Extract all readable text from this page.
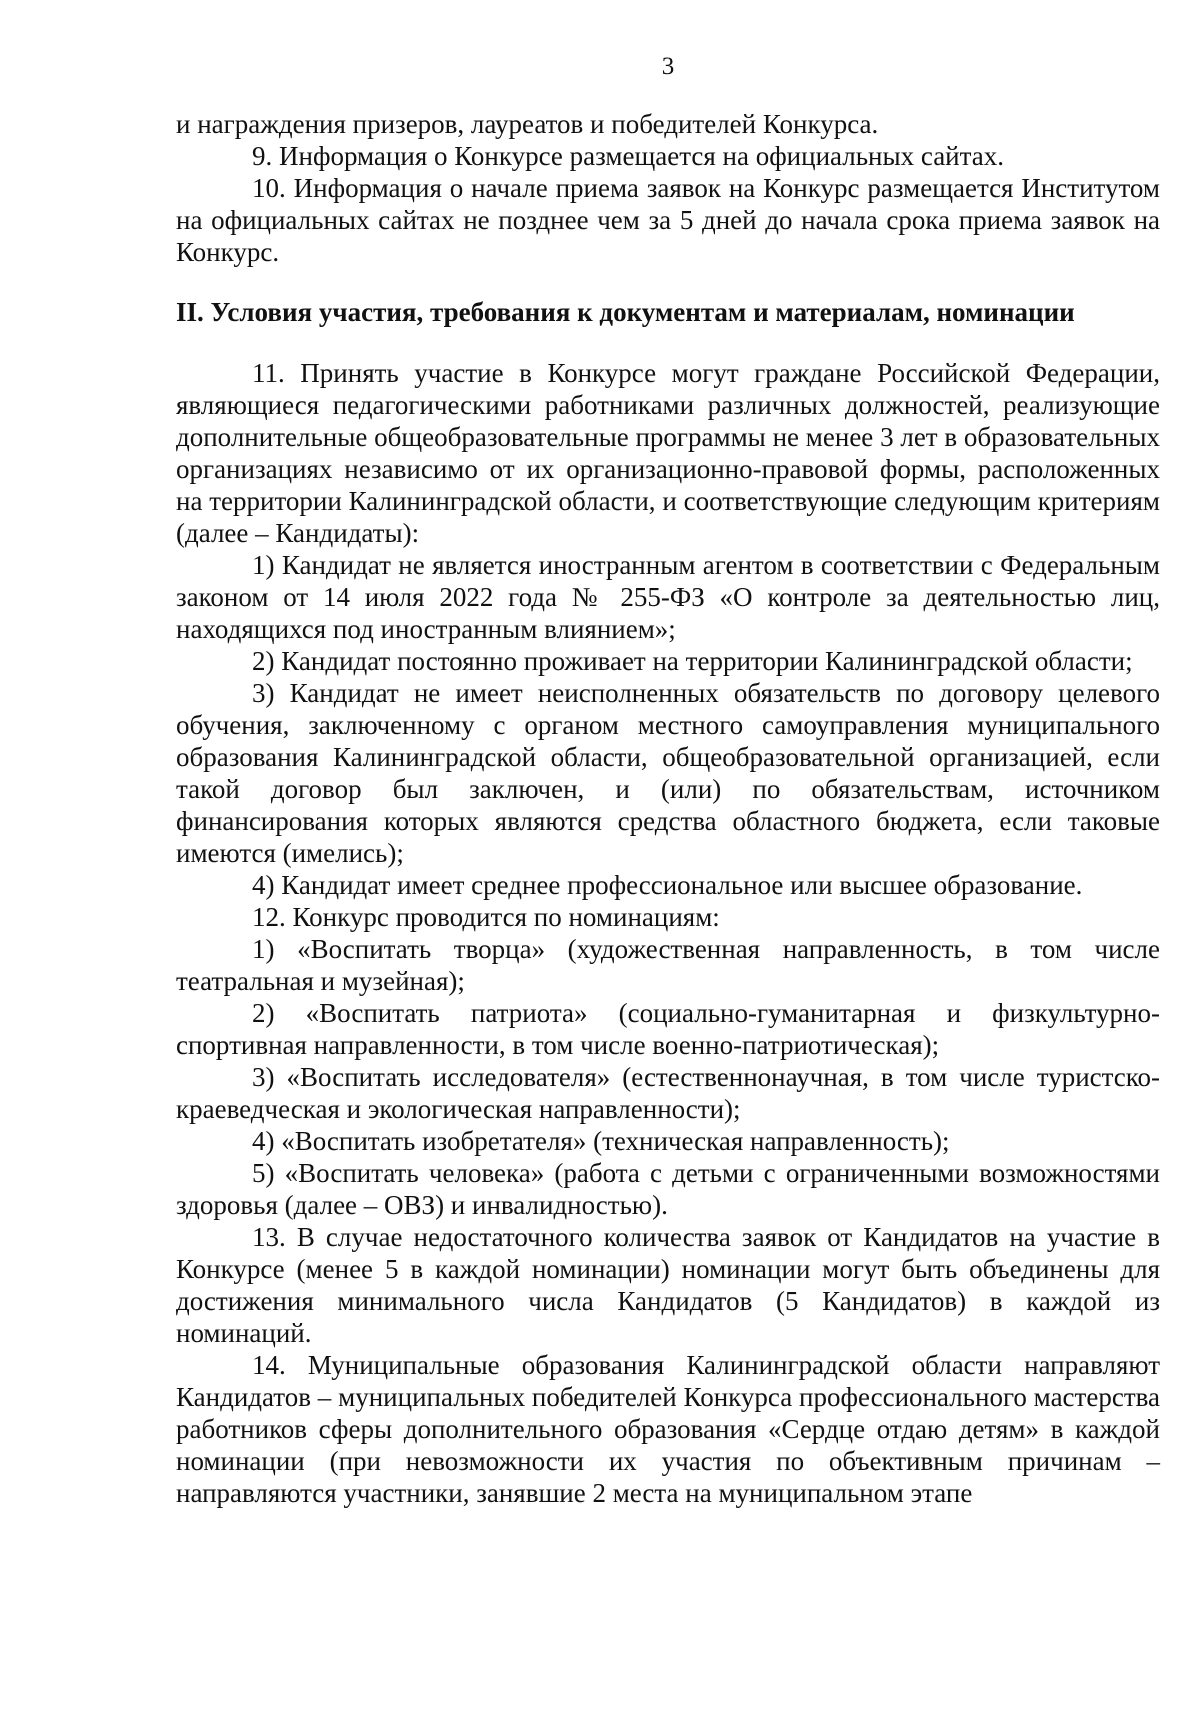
3

и награждения призеров, лауреатов и победителей Конкурса.

9. Информация о Конкурсе размещается на официальных сайтах.

10. Информация о начале приема заявок на Конкурс размещается Институтом на официальных сайтах не позднее чем за 5 дней до начала срока приема заявок на Конкурс.

II. Условия участия, требования к документам и материалам, номинации

11. Принять участие в Конкурсе могут граждане Российской Федерации, являющиеся педагогическими работниками различных должностей, реализующие дополнительные общеобразовательные программы не менее 3 лет в образовательных организациях независимо от их организационно-правовой формы, расположенных на территории Калининградской области, и соответствующие следующим критериям (далее – Кандидаты):

1) Кандидат не является иностранным агентом в соответствии с Федеральным законом от 14 июля 2022 года № 255-ФЗ «О контроле за деятельностью лиц, находящихся под иностранным влиянием»;

2) Кандидат постоянно проживает на территории Калининградской области;

3) Кандидат не имеет неисполненных обязательств по договору целевого обучения, заключенному с органом местного самоуправления муниципального образования Калининградской области, общеобразовательной организацией, если такой договор был заключен, и (или) по обязательствам, источником финансирования которых являются средства областного бюджета, если таковые имеются (имелись);

4) Кандидат имеет среднее профессиональное или высшее образование.

12. Конкурс проводится по номинациям:

1) «Воспитать творца» (художественная направленность, в том числе театральная и музейная);

2) «Воспитать патриота» (социально-гуманитарная и физкультурно-спортивная направленности, в том числе военно-патриотическая);

3) «Воспитать исследователя» (естественнонаучная, в том числе туристско-краеведческая и экологическая направленности);

4) «Воспитать изобретателя» (техническая направленность);

5) «Воспитать человека» (работа с детьми с ограниченными возможностями здоровья (далее – ОВЗ) и инвалидностью).

13. В случае недостаточного количества заявок от Кандидатов на участие в Конкурсе (менее 5 в каждой номинации) номинации могут быть объединены для достижения минимального числа Кандидатов (5 Кандидатов) в каждой из номинаций.

14. Муниципальные образования Калининградской области направляют Кандидатов – муниципальных победителей Конкурса профессионального мастерства работников сферы дополнительного образования «Сердце отдаю детям» в каждой номинации (при невозможности их участия по объективным причинам – направляются участники, занявшие 2 места на муниципальном этапе
